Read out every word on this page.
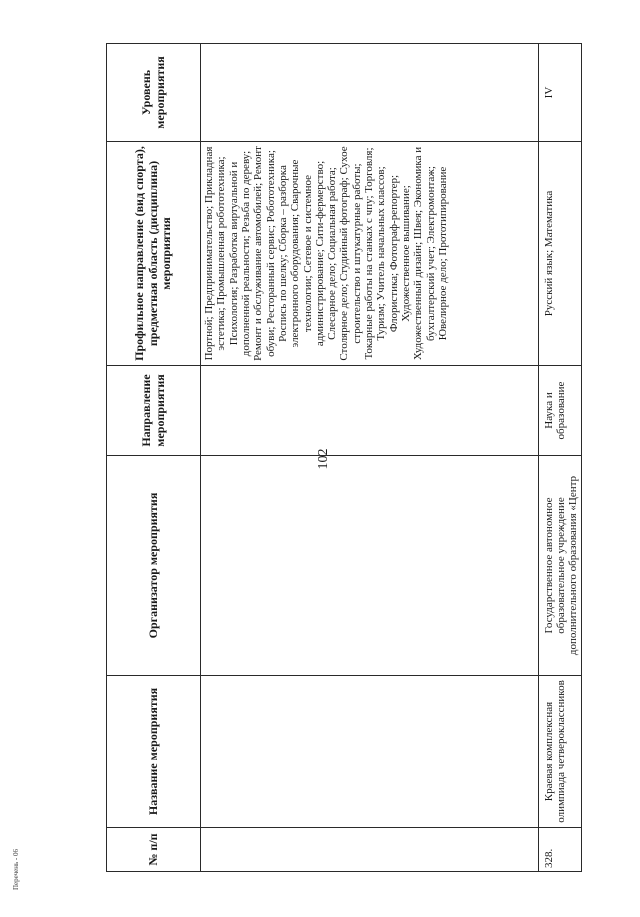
102
№ п/п	Название мероприятия	Организатор мероприятия	Направление мероприятия	Профильное направление (вид спорта), предметная область (дисциплина) мероприятия	Уровень мероприятия
				Портной; Предпринимательство; Прикладная эстетика; Промышленная робототехника; Психология; Разработка виртуальной и дополненной реальности; Резьба по дереву; Ремонт и обслуживание автомобилей; Ремонт обуви; Ресторанный сервис; Робототехника; Роспись по шелку; Сборка – разборка электронного оборудования; Сварочные технологии; Сетевое и системное администрирование; Сити-фермерство; Слесарное дело; Социальная работа; Столярное дело; Студийный фотограф; Сухое строительство и штукатурные работы; Токарные работы на станках с чпу; Торговля; Туризм; Учитель начальных классов; Флористика; Фотограф-репортер; Художественное вышивание; Художественный дизайн; Швея; Экономика и бухгалтерский учет; Электромонтаж; Ювелирное дело; Прототипирование	
328.	Краевая комплексная олимпиада четвероклассников	Государственное автономное образовательное учреждение дополнительного образования «Центр	Наука и образование	Русский язык; Математика	IV
Перечень - 06
